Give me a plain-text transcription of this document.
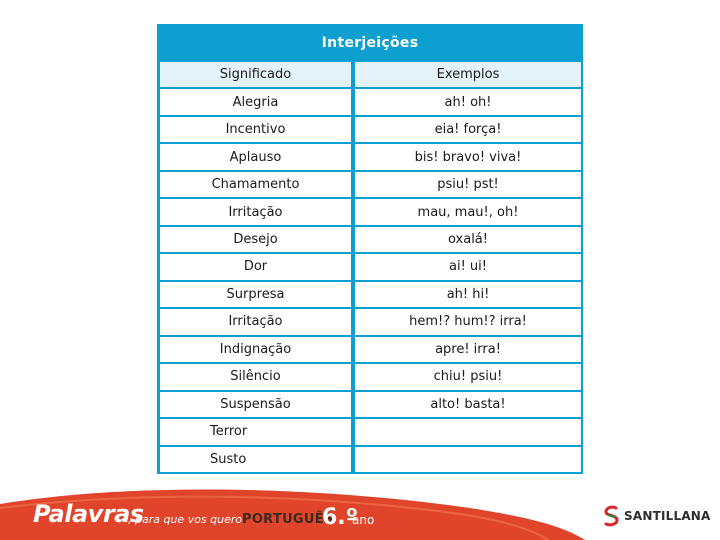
Interjeições
Significado	Exemplos
Alegria	ah! oh!
Incentivo	eia! força!
Aplauso	bis! bravo! viva!
Chamamento	psiu! pst!
Irritação	mau, mau!, oh!
Desejo	oxalá!
Dor	ai! ui!
Surpresa	ah! hi!
Irritação	hem!? hum!? irra!
Indignação	apre! irra!
Silêncio	chiu! psiu!
Suspensão	alto! basta!
Terror
Susto
Palavras
, para que vos quero PORTUGUÊS
6.º
ano	SANTILLANA
